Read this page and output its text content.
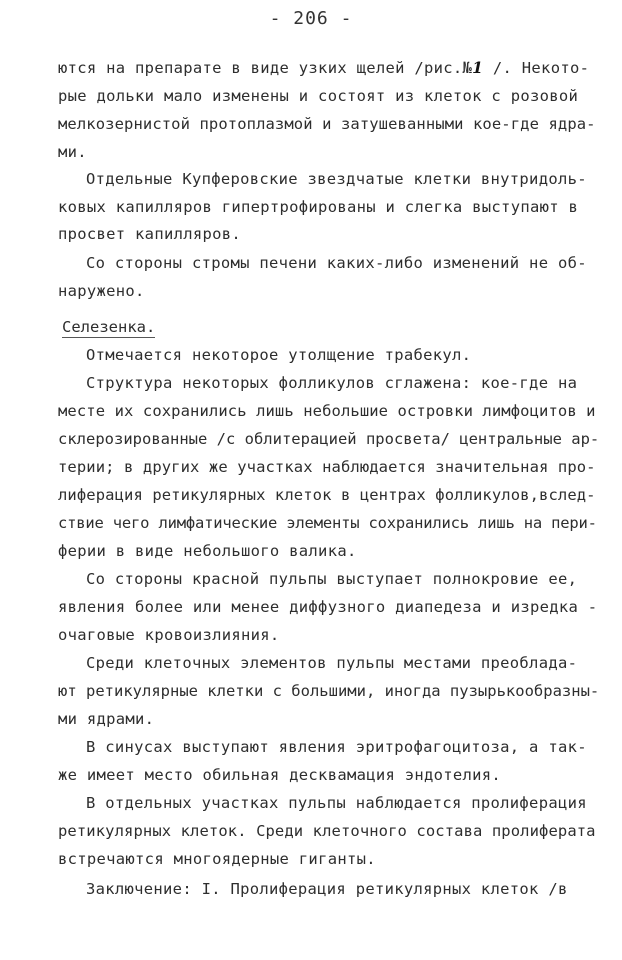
- 206 -
ются на препарате в виде узких щелей /рис.№1 /. Некото-
рые дольки мало изменены и состоят из клеток с розовой
мелкозернистой протоплазмой и затушеванными кое-где ядра-
ми.
Отдельные Купферовские звездчатые клетки внутридоль-
ковых капилляров гипертрофированы и слегка выступают в
просвет капилляров.
Со стороны стромы печени каких-либо изменений не об-
наружено.
Селезенка.
Отмечается некоторое утолщение трабекул.
Структура некоторых фолликулов сглажена: кое-где на
месте их сохранились лишь небольшие островки лимфоцитов и
склерозированные /с облитерацией просвета/ центральные ар-
терии; в других же участках наблюдается значительная про-
лиферация ретикулярных клеток в центрах фолликулов,вслед-
ствие чего лимфатические элементы сохранились лишь на пери-
ферии в виде небольшого валика.
Со стороны красной пульпы выступает полнокровие ее,
явления более или менее диффузного диапедеза и изредка -
очаговые кровоизлияния.
Среди клеточных элементов пульпы местами преоблада-
ют ретикулярные клетки с большими, иногда пузырькообразны-
ми ядрами.
В синусах выступают явления эритрофагоцитоза, а так-
же имеет место обильная десквамация эндотелия.
В отдельных участках пульпы наблюдается пролиферация
ретикулярных клеток. Среди клеточного состава пролиферата
встречаются многоядерные гиганты.
Заключение: I. Пролиферация ретикулярных клеток /в
